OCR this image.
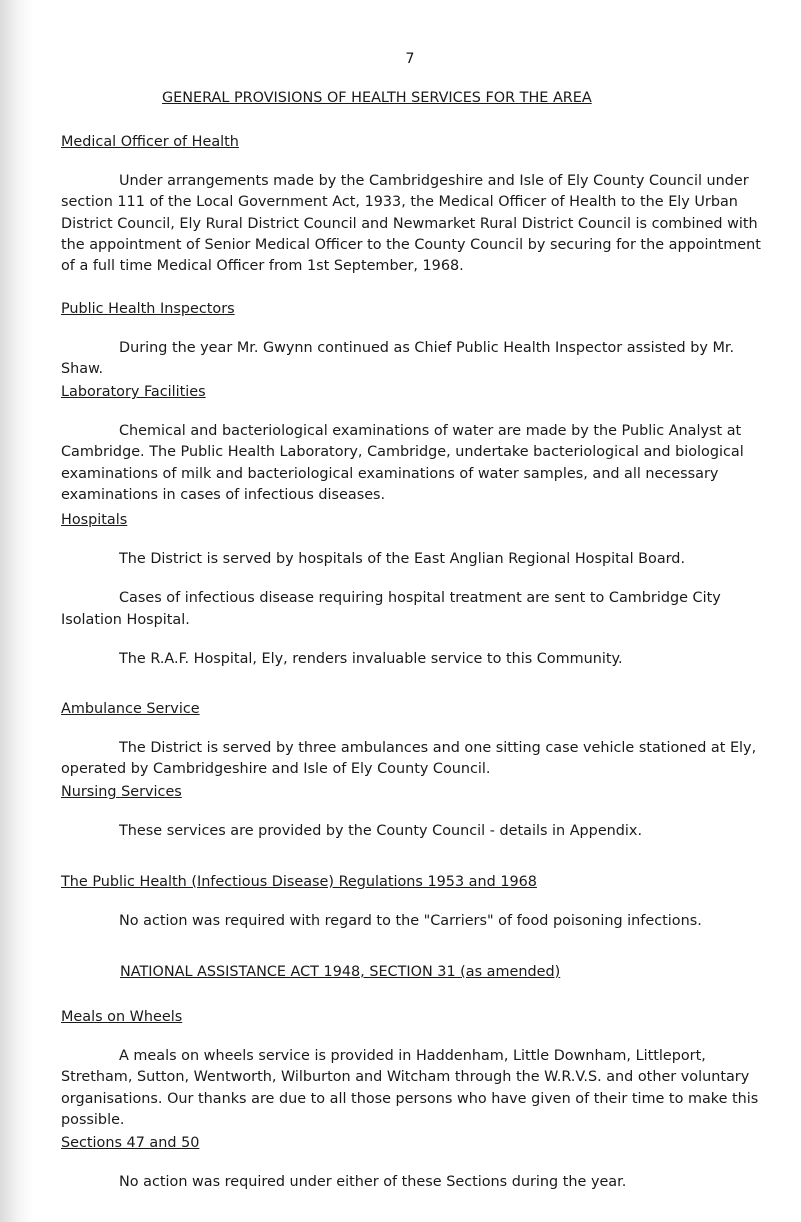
7
GENERAL PROVISIONS OF HEALTH SERVICES FOR THE AREA
Medical Officer of Health

Under arrangements made by the Cambridgeshire and Isle of Ely County Council under section 111 of the Local Government Act, 1933, the Medical Officer of Health to the Ely Urban District Council, Ely Rural District Council and Newmarket Rural District Council is combined with the appointment of Senior Medical Officer to the County Council by securing for the appointment of a full time Medical Officer from 1st September, 1968.

Public Health Inspectors

During the year Mr. Gwynn continued as Chief Public Health Inspector assisted by Mr. Shaw.

Laboratory Facilities

Chemical and bacteriological examinations of water are made by the Public Analyst at Cambridge. The Public Health Laboratory, Cambridge, undertake bacteriological and biological examinations of milk and bacteriological examinations of water samples, and all necessary examinations in cases of infectious diseases.

Hospitals

The District is served by hospitals of the East Anglian Regional Hospital Board.

Cases of infectious disease requiring hospital treatment are sent to Cambridge City Isolation Hospital.

The R.A.F. Hospital, Ely, renders invaluable service to this Community.

Ambulance Service

The District is served by three ambulances and one sitting case vehicle stationed at Ely, operated by Cambridgeshire and Isle of Ely County Council.

Nursing Services

These services are provided by the County Council - details in Appendix.

The Public Health (Infectious Disease) Regulations 1953 and 1968

No action was required with regard to the "Carriers" of food poisoning infections.

NATIONAL ASSISTANCE ACT 1948, SECTION 31 (as amended)
Meals on Wheels

A meals on wheels service is provided in Haddenham, Little Downham, Littleport, Stretham, Sutton, Wentworth, Wilburton and Witcham through the W.R.V.S. and other voluntary organisations. Our thanks are due to all those persons who have given of their time to make this possible.

Sections 47 and 50

No action was required under either of these Sections during the year.
